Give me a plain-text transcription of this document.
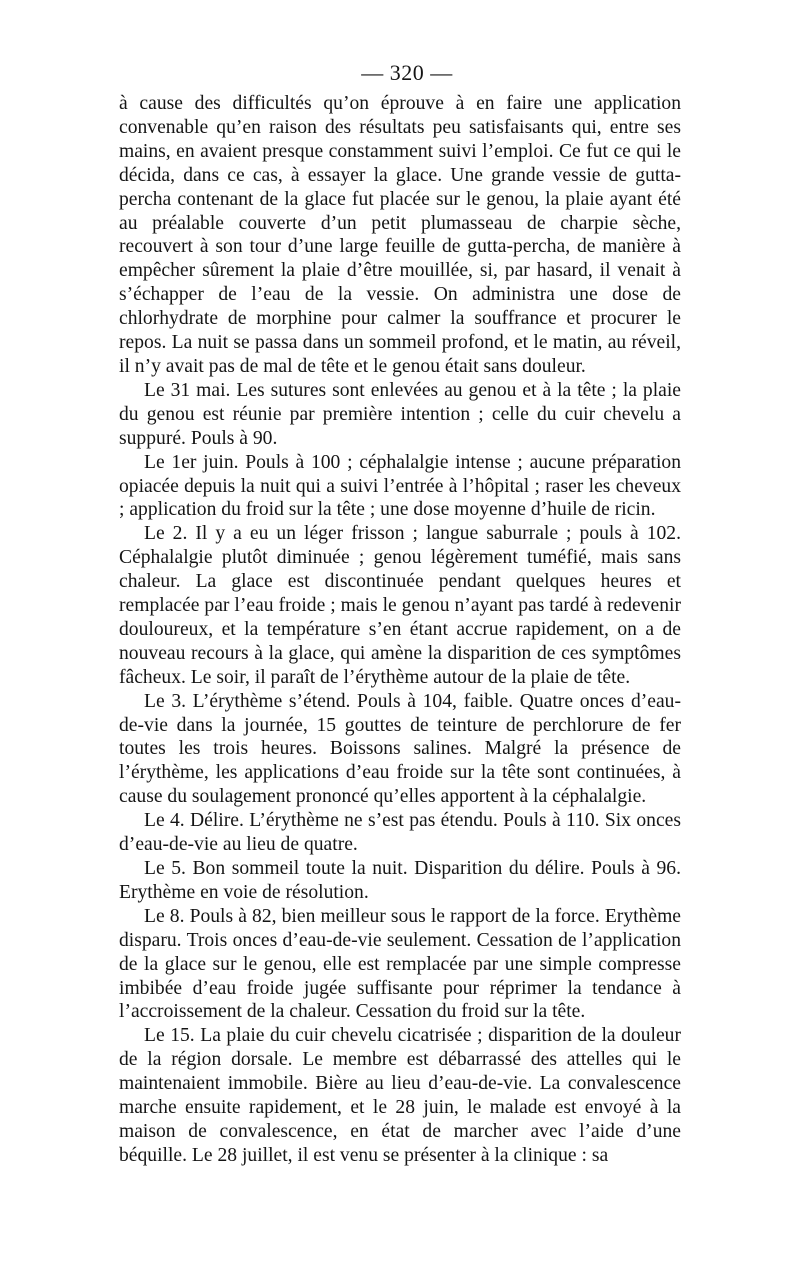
— 320 —

à cause des difficultés qu’on éprouve à en faire une application convenable qu’en raison des résultats peu satisfaisants qui, entre ses mains, en avaient presque constamment suivi l’emploi. Ce fut ce qui le décida, dans ce cas, à essayer la glace. Une grande vessie de gutta-percha contenant de la glace fut placée sur le genou, la plaie ayant été au préalable couverte d’un petit plumasseau de charpie sèche, recouvert à son tour d’une large feuille de gutta-percha, de manière à empêcher sûrement la plaie d’être mouillée, si, par hasard, il venait à s’échapper de l’eau de la vessie. On administra une dose de chlorhydrate de morphine pour calmer la souffrance et procurer le repos. La nuit se passa dans un sommeil profond, et le matin, au réveil, il n’y avait pas de mal de tête et le genou était sans douleur.

Le 31 mai. Les sutures sont enlevées au genou et à la tête ; la plaie du genou est réunie par première intention ; celle du cuir chevelu a suppuré. Pouls à 90.

Le 1er juin. Pouls à 100 ; céphalalgie intense ; aucune préparation opiacée depuis la nuit qui a suivi l’entrée à l’hôpital ; raser les cheveux ; application du froid sur la tête ; une dose moyenne d’huile de ricin.

Le 2. Il y a eu un léger frisson ; langue saburrale ; pouls à 102. Céphalalgie plutôt diminuée ; genou légèrement tuméfié, mais sans chaleur. La glace est discontinuée pendant quelques heures et remplacée par l’eau froide ; mais le genou n’ayant pas tardé à redevenir douloureux, et la température s’en étant accrue rapidement, on a de nouveau recours à la glace, qui amène la disparition de ces symptômes fâcheux. Le soir, il paraît de l’érythème autour de la plaie de tête.

Le 3. L’érythème s’étend. Pouls à 104, faible. Quatre onces d’eau-de-vie dans la journée, 15 gouttes de teinture de perchlorure de fer toutes les trois heures. Boissons salines. Malgré la présence de l’érythème, les applications d’eau froide sur la tête sont continuées, à cause du soulagement prononcé qu’elles apportent à la céphalalgie.

Le 4. Délire. L’érythème ne s’est pas étendu. Pouls à 110. Six onces d’eau-de-vie au lieu de quatre.

Le 5. Bon sommeil toute la nuit. Disparition du délire. Pouls à 96. Erythème en voie de résolution.

Le 8. Pouls à 82, bien meilleur sous le rapport de la force. Erythème disparu. Trois onces d’eau-de-vie seulement. Cessation de l’application de la glace sur le genou, elle est remplacée par une simple compresse imbibée d’eau froide jugée suffisante pour réprimer la tendance à l’accroissement de la chaleur. Cessation du froid sur la tête.

Le 15. La plaie du cuir chevelu cicatrisée ; disparition de la douleur de la région dorsale. Le membre est débarrassé des attelles qui le maintenaient immobile. Bière au lieu d’eau-de-vie. La convalescence marche ensuite rapidement, et le 28 juin, le malade est envoyé à la maison de convalescence, en état de marcher avec l’aide d’une béquille. Le 28 juillet, il est venu se présenter à la clinique : sa
